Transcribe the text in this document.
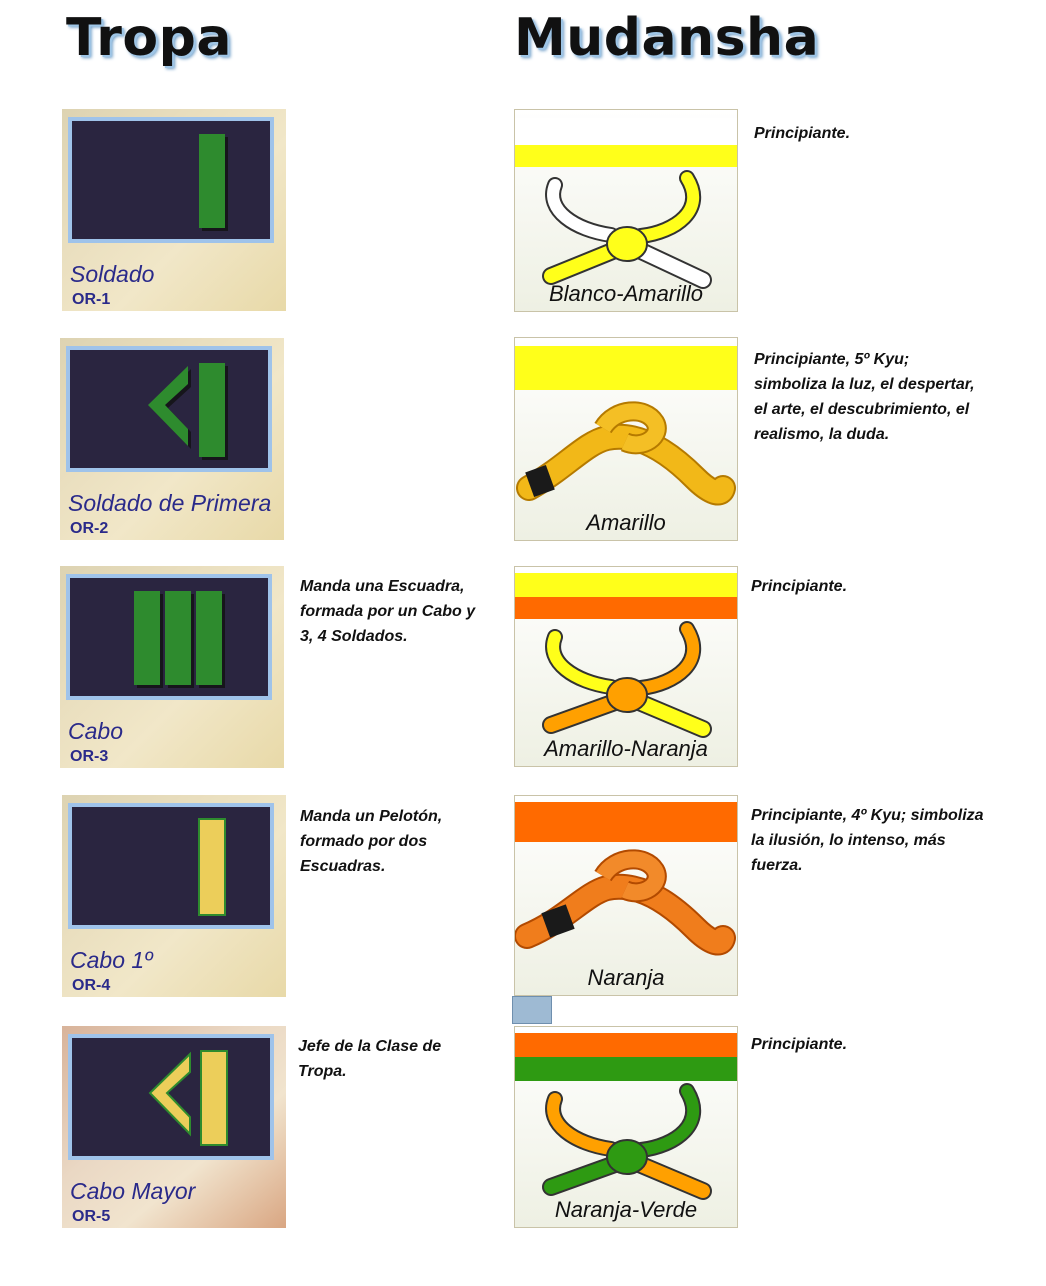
Tropa	Mudansha
Soldado
OR-1
Soldado de Primera
OR-2
Cabo
OR-3
Cabo 1º
OR-4
Cabo Mayor
OR-5

Manda una Escuadra,
formada por un Cabo y
3, 4 Soldados.

Manda un Pelotón,
formado por dos
Escuadras.

Jefe de la Clase de
Tropa.

Blanco-Amarillo
Amarillo
Amarillo-Naranja
Naranja
Naranja-Verde

Principiante.

Principiante, 5º Kyu;
simboliza la luz, el despertar,
el arte, el descubrimiento, el
realismo, la duda.

Principiante.

Principiante, 4º Kyu; simboliza
la ilusión, lo intenso, más
fuerza.

Principiante.
